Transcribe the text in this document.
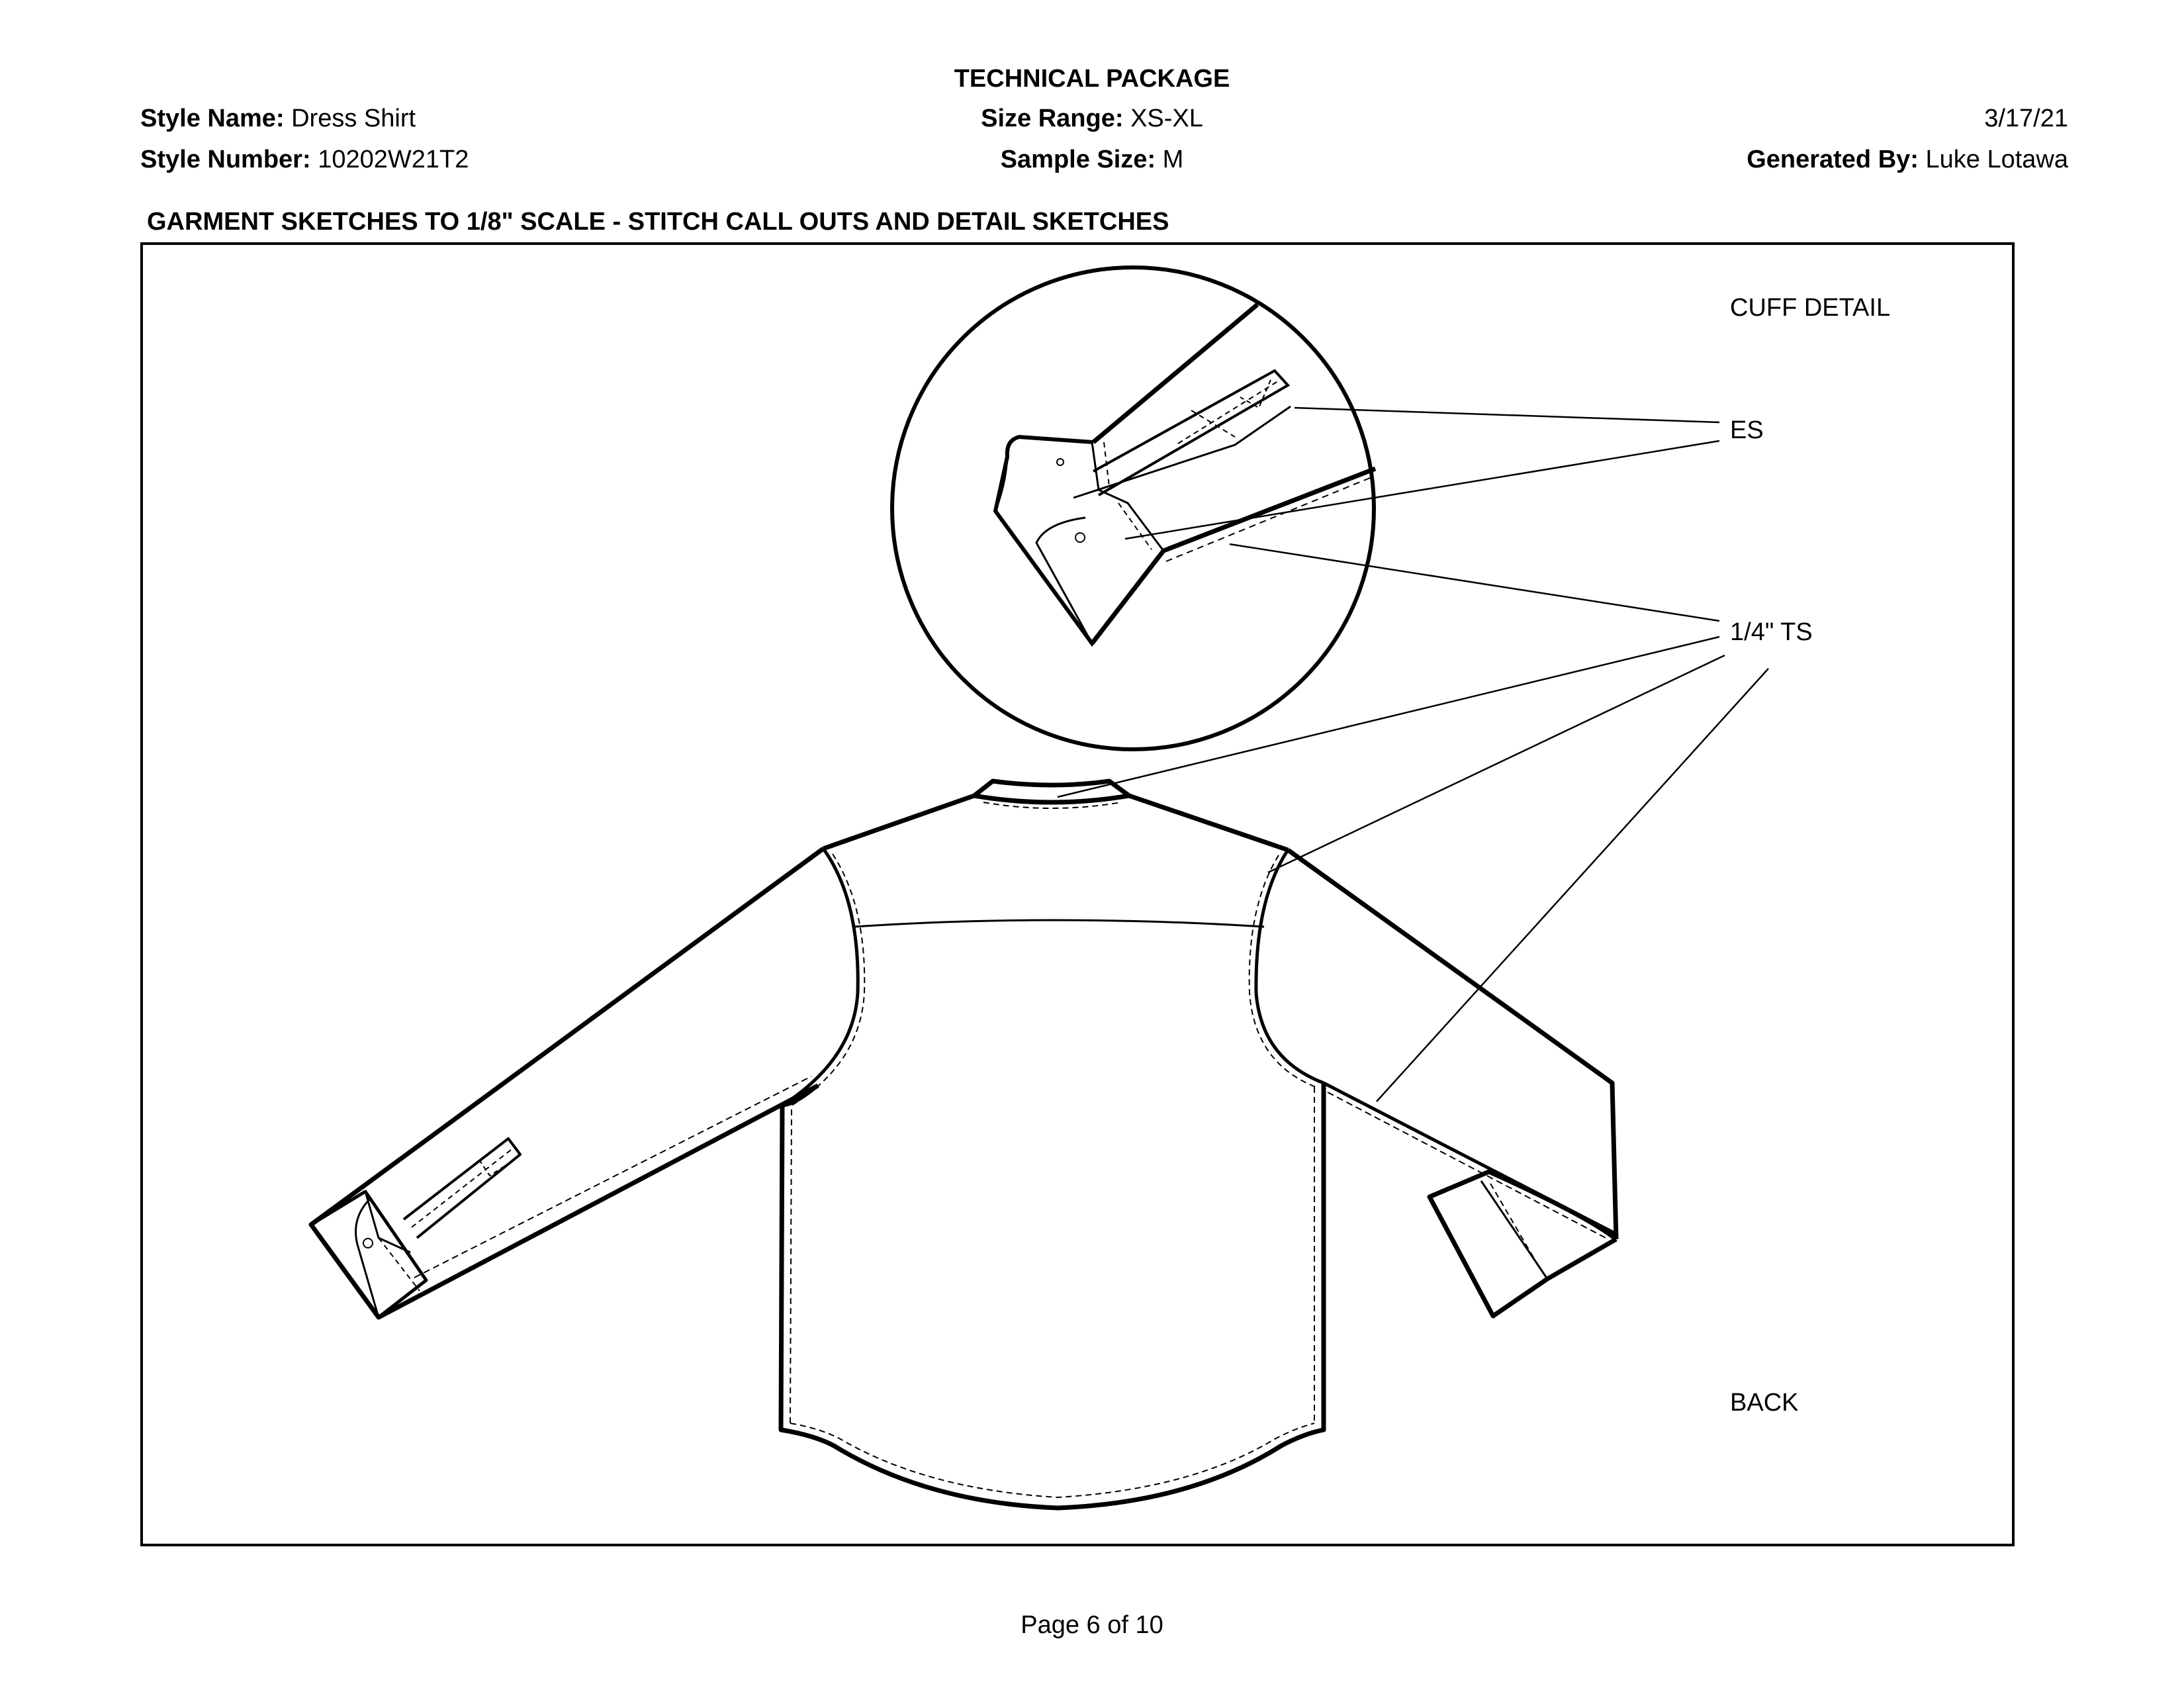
TECHNICAL PACKAGE
Style Name: Dress Shirt
Style Number: 10202W21T2
Size Range: XS-XL
Sample Size: M
3/17/21
Generated By: Luke Lotawa
GARMENT SKETCHES TO 1/8" SCALE - STITCH CALL OUTS AND DETAIL SKETCHES
CUFF DETAIL
ES
1/4" TS
BACK
Page 6 of 10
